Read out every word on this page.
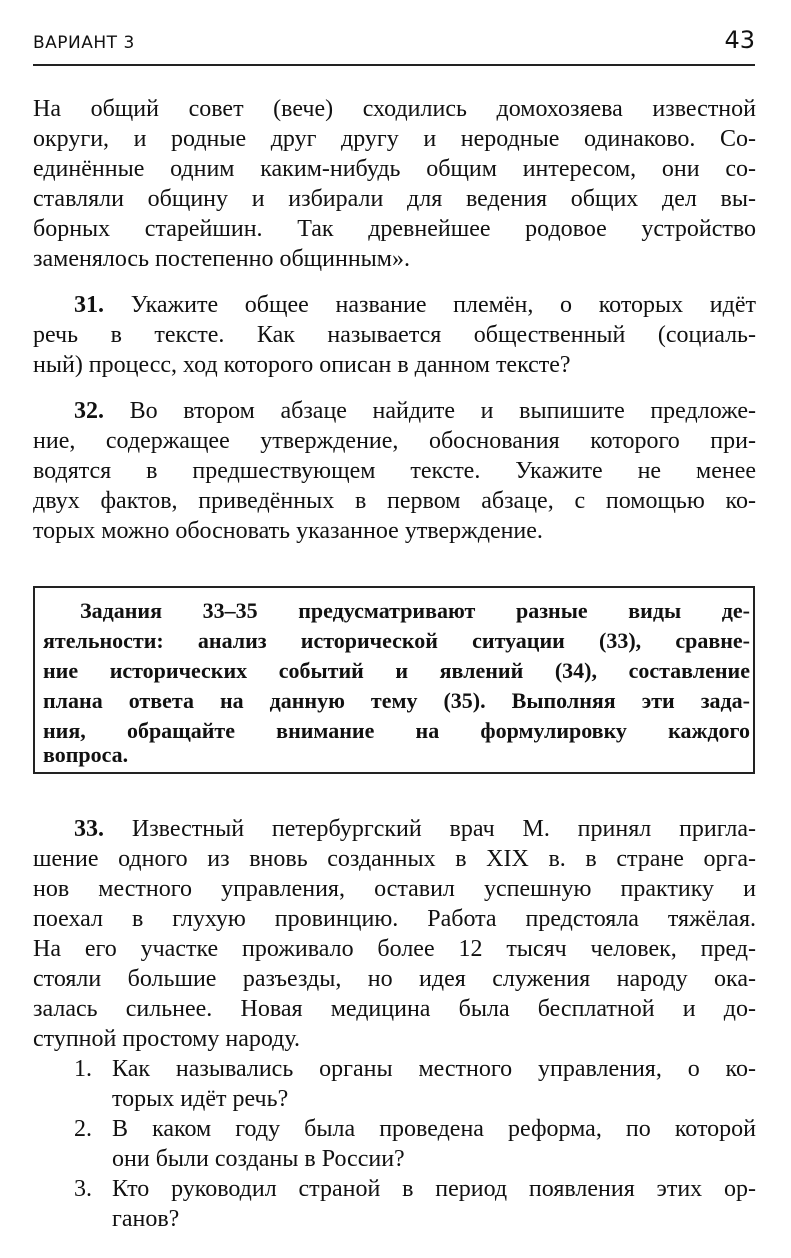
ВАРИАНТ 3	43

На общий совет (вече) сходились домохозяева известной

округи, и родные друг другу и неродные одинаково. Со-

единённые одним каким-нибудь общим интересом, они со-

ставляли общину и избирали для ведения общих дел вы-

борных старейшин. Так древнейшее родовое устройство

заменялось постепенно общинным».

31. Укажите общее название племён, о которых идёт

речь в тексте. Как называется общественный (социаль-

ный) процесс, ход которого описан в данном тексте?

32. Во втором абзаце найдите и выпишите предложе-

ние, содержащее утверждение, обоснования которого при-

водятся в предшествующем тексте. Укажите не менее

двух фактов, приведённых в первом абзаце, с помощью ко-

торых можно обосновать указанное утверждение.

Задания 33–35 предусматривают разные виды де-

ятельности: анализ исторической ситуации (33), сравне-

ние исторических событий и явлений (34), составление

плана ответа на данную тему (35). Выполняя эти зада-

ния, обращайте внимание на формулировку каждого

вопроса.

33. Известный петербургский врач М. принял пригла-

шение одного из вновь созданных в XIX в. в стране орга-

нов местного управления, оставил успешную практику и

поехал в глухую провинцию. Работа предстояла тяжёлая.

На его участке проживало более 12 тысяч человек, пред-

стояли большие разъезды, но идея служения народу ока-

залась сильнее. Новая медицина была бесплатной и до-

ступной простому народу.

1. Как назывались органы местного управления, о ко-

торых идёт речь?

2. В каком году была проведена реформа, по которой

они были созданы в России?

3. Кто руководил страной в период появления этих ор-

ганов?
